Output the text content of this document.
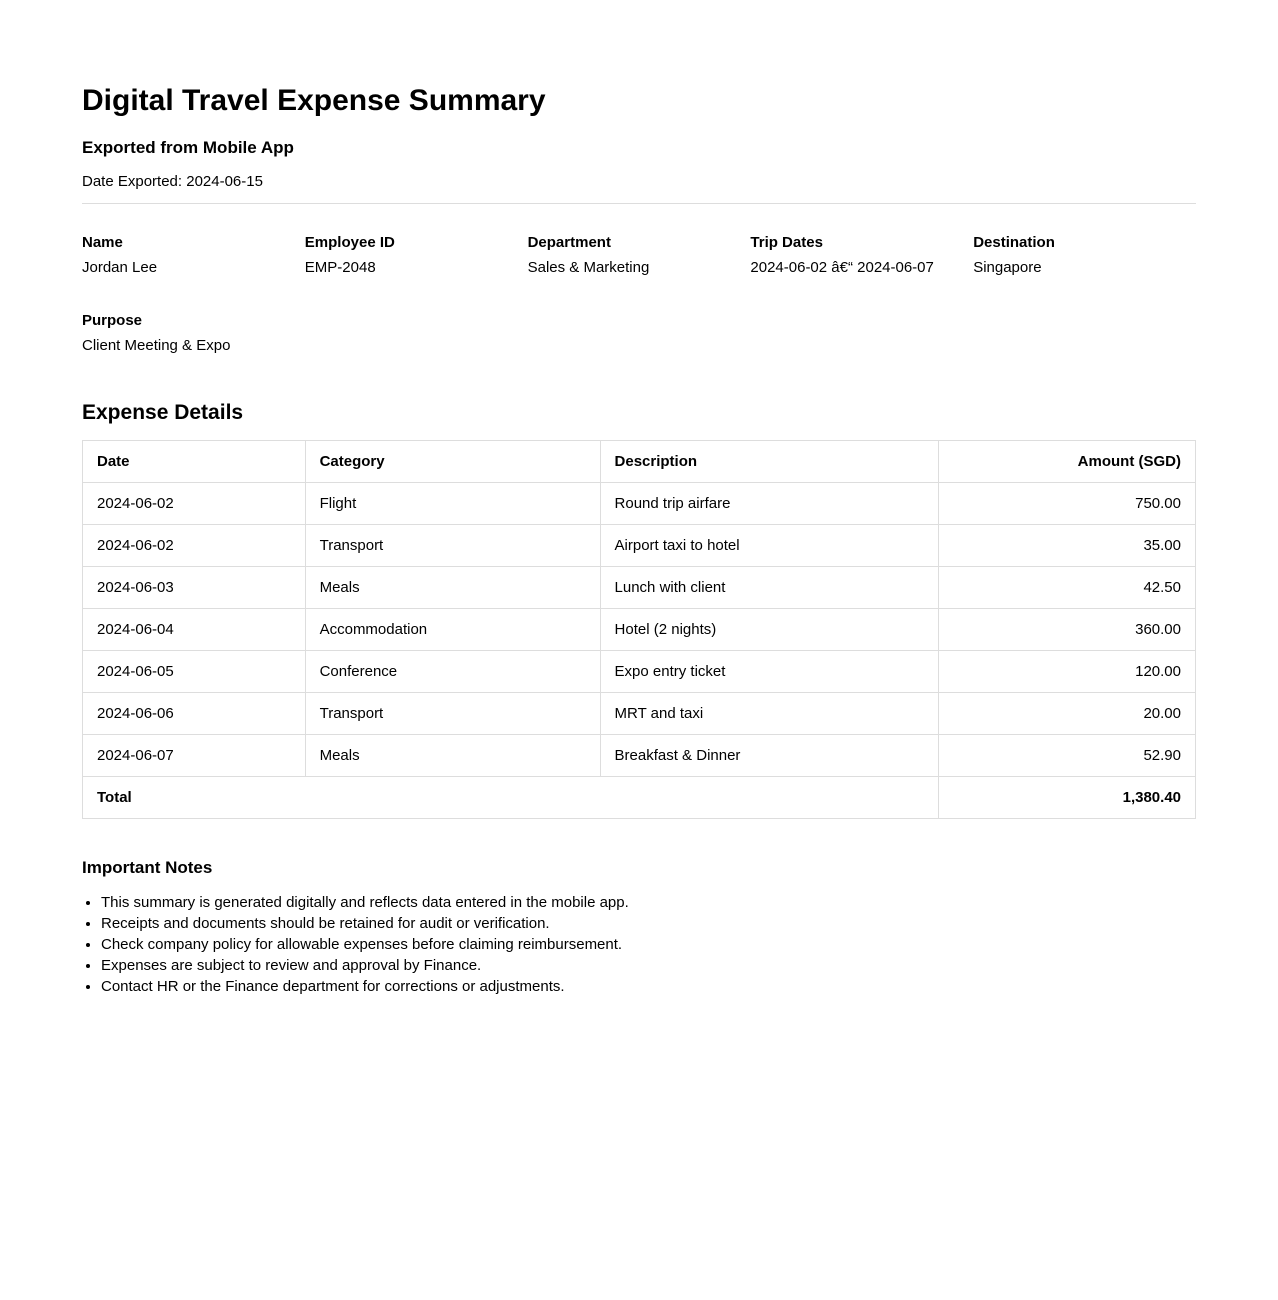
Digital Travel Expense Summary
Exported from Mobile App
Date Exported: 2024-06-15
Name
Jordan Lee
Employee ID
EMP-2048
Department
Sales & Marketing
Trip Dates
2024-06-02 â€“ 2024-06-07
Destination
Singapore
Purpose
Client Meeting & Expo
Expense Details
Date	Category	Description	Amount (SGD)
2024-06-02	Flight	Round trip airfare	750.00
2024-06-02	Transport	Airport taxi to hotel	35.00
2024-06-03	Meals	Lunch with client	42.50
2024-06-04	Accommodation	Hotel (2 nights)	360.00
2024-06-05	Conference	Expo entry ticket	120.00
2024-06-06	Transport	MRT and taxi	20.00
2024-06-07	Meals	Breakfast & Dinner	52.90
Total			1,380.40
Important Notes
• This summary is generated digitally and reflects data entered in the mobile app.
• Receipts and documents should be retained for audit or verification.
• Check company policy for allowable expenses before claiming reimbursement.
• Expenses are subject to review and approval by Finance.
• Contact HR or the Finance department for corrections or adjustments.
